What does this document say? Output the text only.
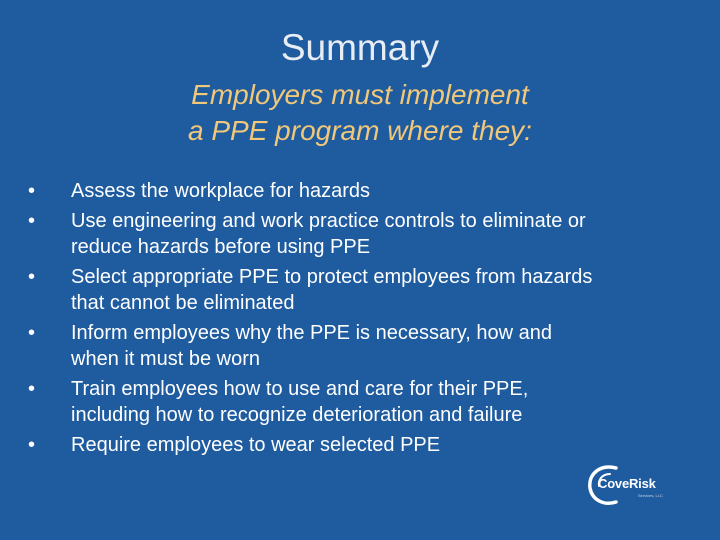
Summary
Employers must implement
a PPE program where they:
• Assess the workplace for hazards
• Use engineering and work practice controls to eliminate or
reduce hazards before using PPE
• Select appropriate PPE to protect employees from hazards
that cannot be eliminated
• Inform employees why the PPE is necessary, how and
when it must be worn
• Train employees how to use and care for their PPE,
including how to recognize deterioration and failure
• Require employees to wear selected PPE
CoveRisk
Services, LLC
